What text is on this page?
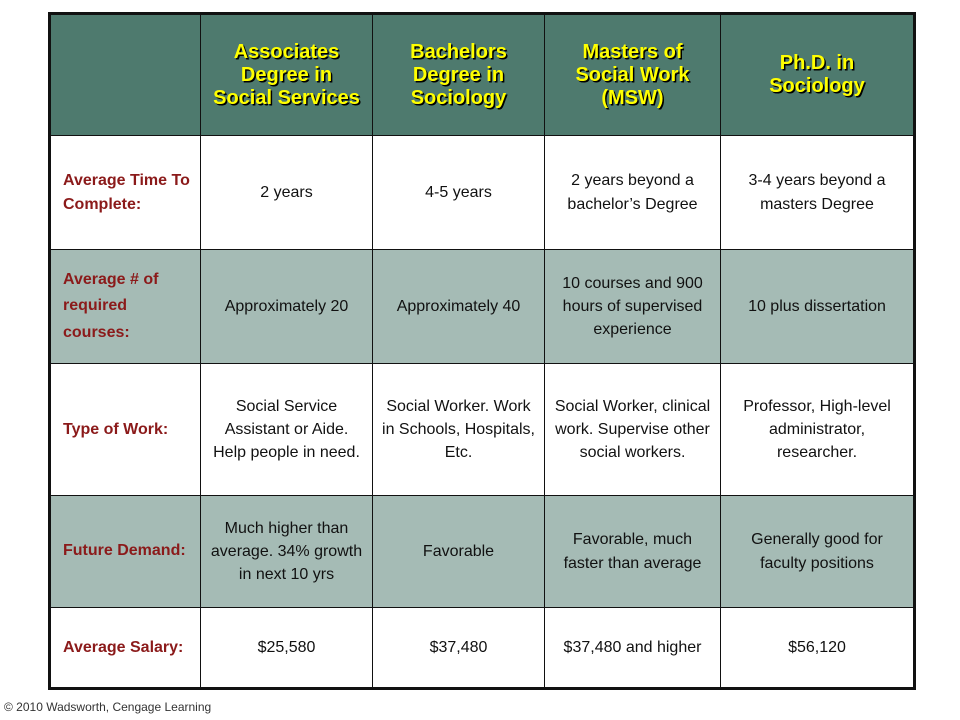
	Associates Degree in Social Services	Bachelors Degree in Sociology	Masters of Social Work (MSW)	Ph.D. in Sociology
Average Time To Complete:	2 years	4-5 years	2 years beyond a bachelor’s Degree	3-4 years beyond a masters Degree
Average # of required courses:	Approximately 20	Approximately 40	10 courses and 900 hours of supervised experience	10 plus dissertation
Type of Work:	Social Service Assistant or Aide. Help people in need.	Social Worker. Work in Schools, Hospitals, Etc.	Social Worker, clinical work. Supervise other social workers.	Professor, High-level administrator, researcher.
Future Demand:	Much higher than average. 34% growth in next 10 yrs	Favorable	Favorable, much faster than average	Generally good for faculty positions
Average Salary:	$25,580	$37,480	$37,480 and higher	$56,120
© 2010 Wadsworth, Cengage Learning
